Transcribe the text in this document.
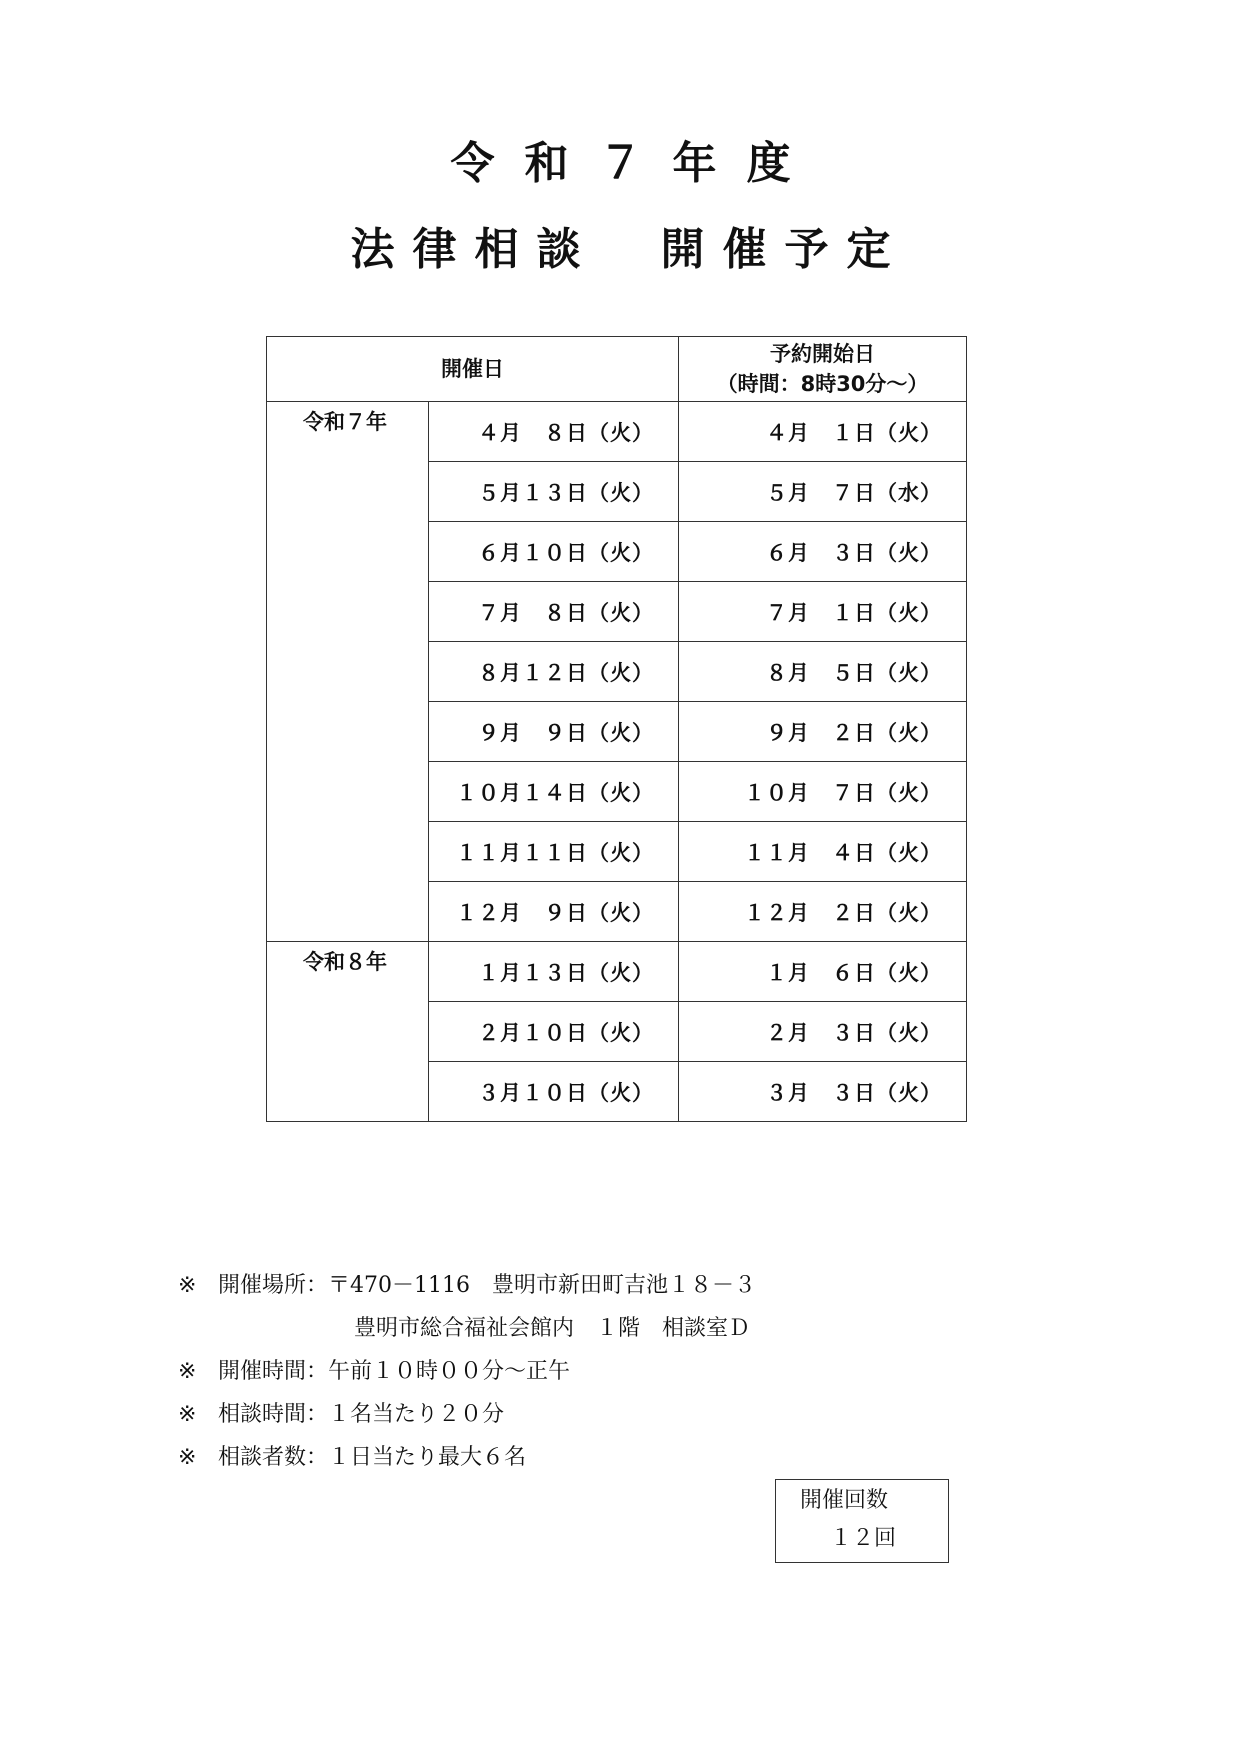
令和７年度
法律相談　開催予定
開催日		予約開始日
（時間：8時30分～）

令和７年	４月　８日（火）	４月　１日（火）
	５月１３日（火）	５月　７日（水）
	６月１０日（火）	６月　３日（火）
	７月　８日（火）	７月　１日（火）
	８月１２日（火）	８月　５日（火）
	９月　９日（火）	９月　２日（火）
	１０月１４日（火）	１０月　７日（火）
	１１月１１日（火）	１１月　４日（火）
	１２月　９日（火）	１２月　２日（火）
令和８年	１月１３日（火）	１月　６日（火）
	２月１０日（火）	２月　３日（火）
	３月１０日（火）	３月　３日（火）
※ 開催場所：〒470－1116　豊明市新田町吉池１８－３
豊明市総合福祉会館内　１階　相談室Ｄ
※ 開催時間：午前１０時００分～正午
※ 相談時間：１名当たり２０分
※ 相談者数：１日当たり最大６名
開催回数
１２回
